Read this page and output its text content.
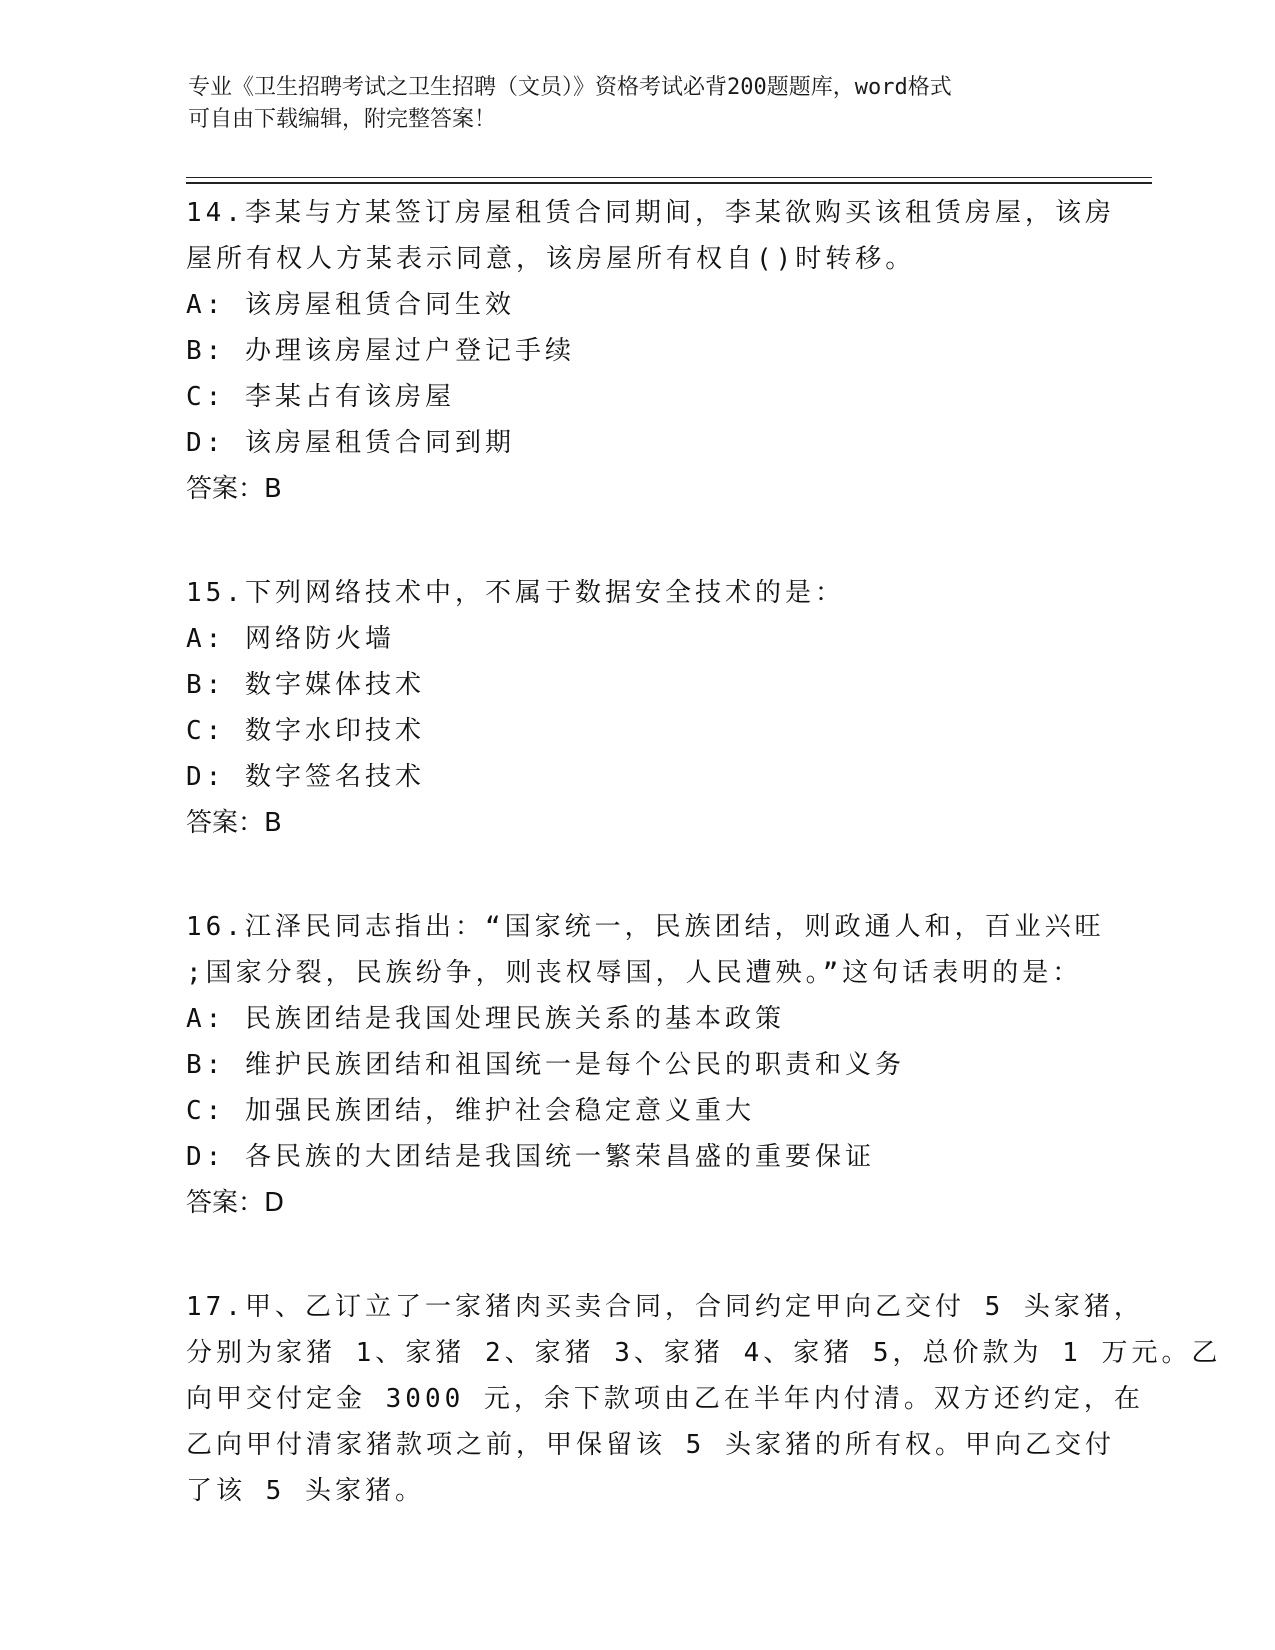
专业《卫生招聘考试之卫生招聘（文员）》资格考试必背200题题库，word格式
可自由下载编辑，附完整答案！
14.李某与方某签订房屋租赁合同期间，李某欲购买该租赁房屋，该房
屋所有权人方某表示同意，该房屋所有权自()时转移。
A: 该房屋租赁合同生效
B: 办理该房屋过户登记手续
C: 李某占有该房屋
D: 该房屋租赁合同到期
答案：B
15.下列网络技术中，不属于数据安全技术的是：
A: 网络防火墙
B: 数字媒体技术
C: 数字水印技术
D: 数字签名技术
答案：B
16.江泽民同志指出：“国家统一，民族团结，则政通人和，百业兴旺
;国家分裂，民族纷争，则丧权辱国，人民遭殃。”这句话表明的是：
A: 民族团结是我国处理民族关系的基本政策
B: 维护民族团结和祖国统一是每个公民的职责和义务
C: 加强民族团结，维护社会稳定意义重大
D: 各民族的大团结是我国统一繁荣昌盛的重要保证
答案：D
17.甲、乙订立了一家猪肉买卖合同，合同约定甲向乙交付 5 头家猪，
分别为家猪 1、家猪 2、家猪 3、家猪 4、家猪 5，总价款为 1 万元。乙
向甲交付定金 3000 元，余下款项由乙在半年内付清。双方还约定，在
乙向甲付清家猪款项之前，甲保留该 5 头家猪的所有权。甲向乙交付
了该 5 头家猪。
